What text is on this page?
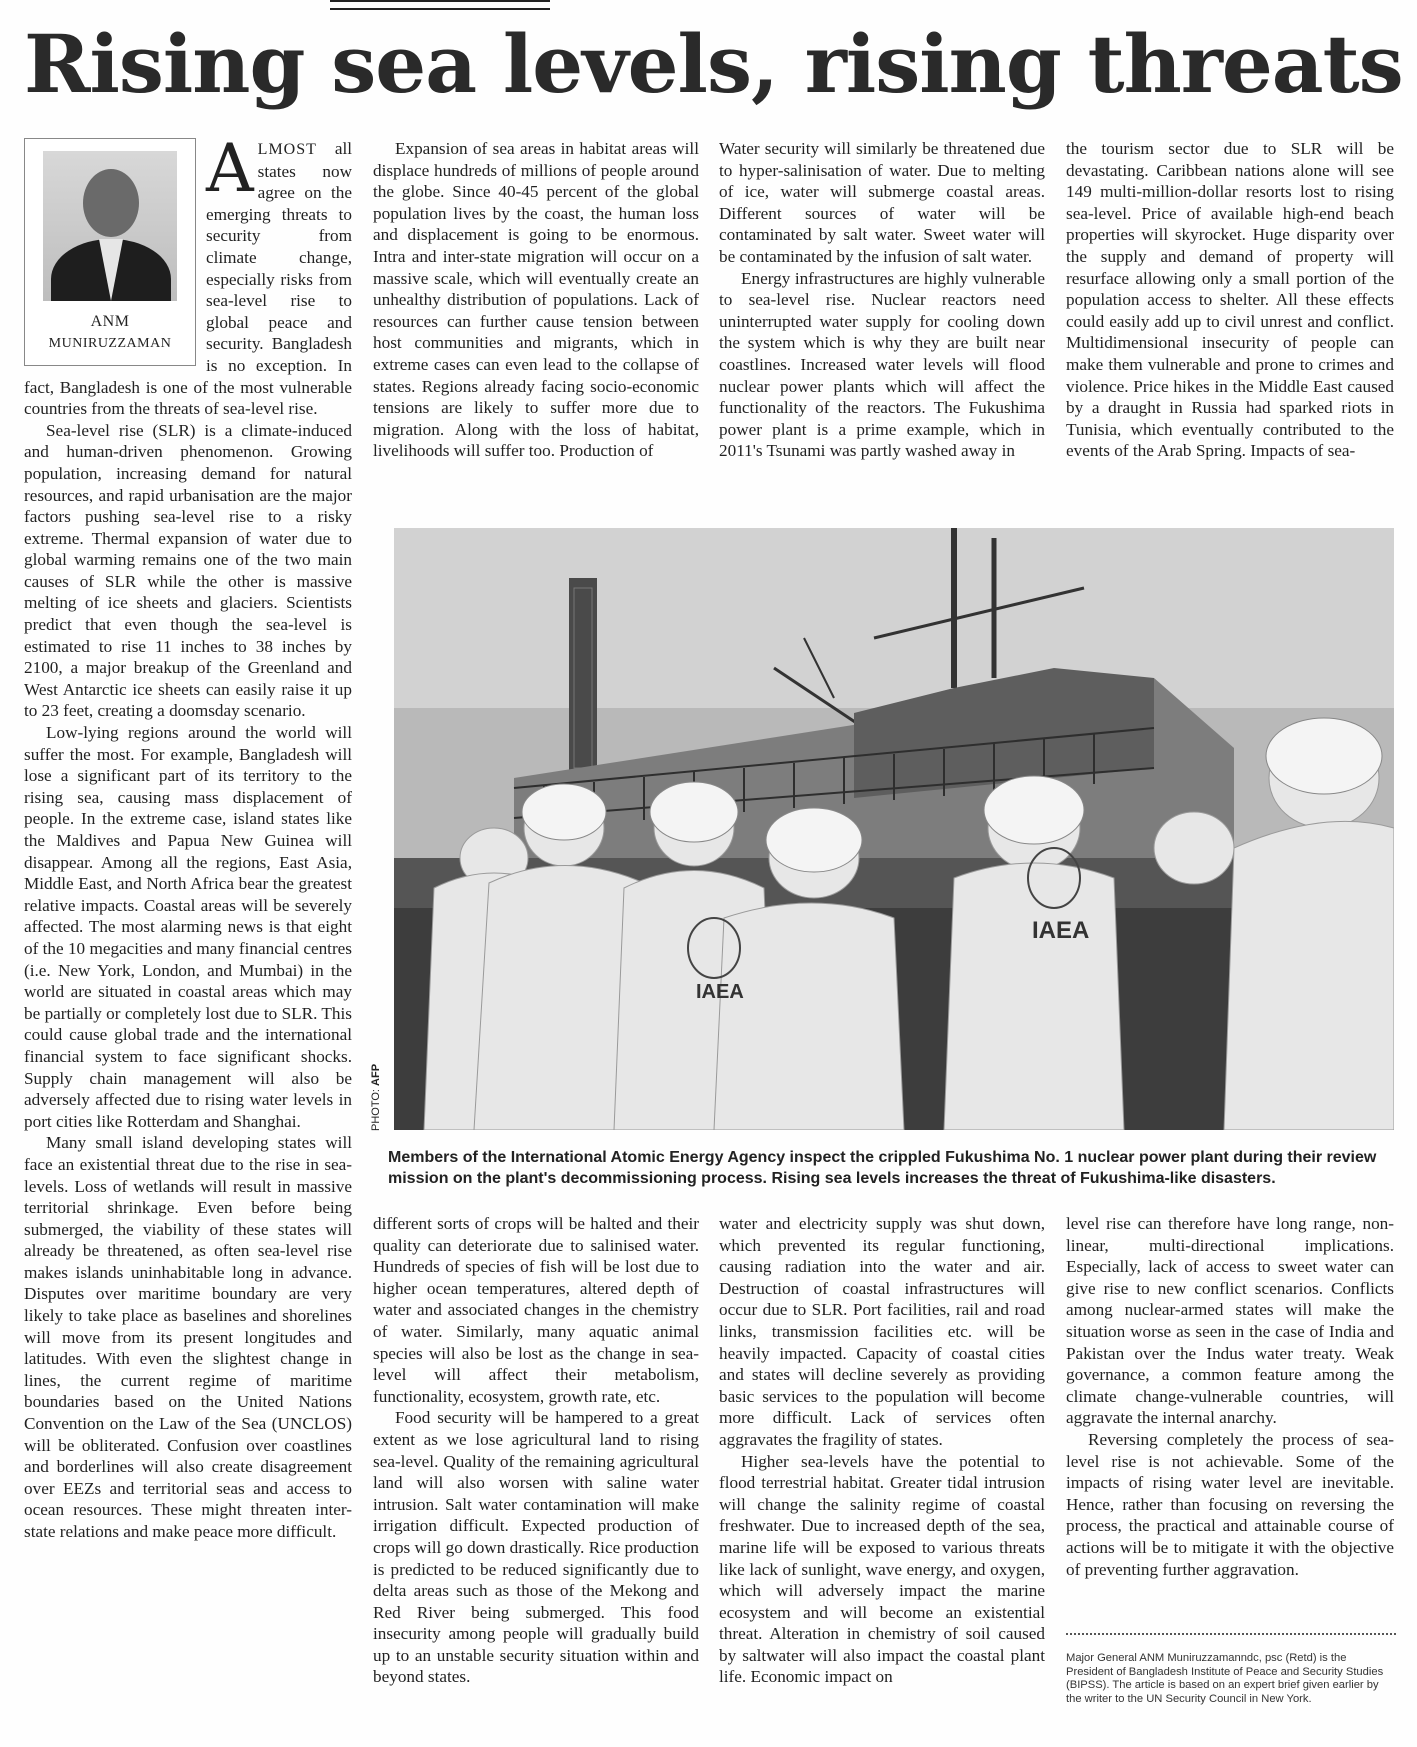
Rising sea levels, rising threats
ANM
MUNIRUZZAMAN

ALMOST all states now agree on the emerging threats to security from climate change, especially risks from sea-level rise to global peace and security. Bangladesh is no exception. In fact, Bangladesh is one of the most vulnerable countries from the threats of sea-level rise.

Sea-level rise (SLR) is a climate-induced and human-driven phenomenon. Growing population, increasing demand for natural resources, and rapid urbanisation are the major factors pushing sea-level rise to a risky extreme. Thermal expansion of water due to global warming remains one of the two main causes of SLR while the other is massive melting of ice sheets and glaciers. Scientists predict that even though the sea-level is estimated to rise 11 inches to 38 inches by 2100, a major breakup of the Greenland and West Antarctic ice sheets can easily raise it up to 23 feet, creating a doomsday scenario.

Low-lying regions around the world will suffer the most. For example, Bangladesh will lose a significant part of its territory to the rising sea, causing mass displacement of people. In the extreme case, island states like the Maldives and Papua New Guinea will disappear. Among all the regions, East Asia, Middle East, and North Africa bear the greatest relative impacts. Coastal areas will be severely affected. The most alarming news is that eight of the 10 megacities and many financial centres (i.e. New York, London, and Mumbai) in the world are situated in coastal areas which may be partially or completely lost due to SLR. This could cause global trade and the international financial system to face significant shocks. Supply chain management will also be adversely affected due to rising water levels in port cities like Rotterdam and Shanghai.

Many small island developing states will face an existential threat due to the rise in sea-levels. Loss of wetlands will result in massive territorial shrinkage. Even before being submerged, the viability of these states will already be threatened, as often sea-level rise makes islands uninhabitable long in advance. Disputes over maritime boundary are very likely to take place as baselines and shorelines will move from its present longitudes and latitudes. With even the slightest change in lines, the current regime of maritime boundaries based on the United Nations Convention on the Law of the Sea (UNCLOS) will be obliterated. Confusion over coastlines and borderlines will also create disagreement over EEZs and territorial seas and access to ocean resources. These might threaten inter-state relations and make peace more difficult.

Expansion of sea areas in habitat areas will displace hundreds of millions of people around the globe. Since 40-45 percent of the global population lives by the coast, the human loss and displacement is going to be enormous. Intra and inter-state migration will occur on a massive scale, which will eventually create an unhealthy distribution of populations. Lack of resources can further cause tension between host communities and migrants, which in extreme cases can even lead to the collapse of states. Regions already facing socio-economic tensions are likely to suffer more due to migration. Along with the loss of habitat, livelihoods will suffer too. Production of

Water security will similarly be threatened due to hyper-salinisation of water. Due to melting of ice, water will submerge coastal areas. Different sources of water will be contaminated by salt water. Sweet water will be contaminated by the infusion of salt water.

Energy infrastructures are highly vulnerable to sea-level rise. Nuclear reactors need uninterrupted water supply for cooling down the system which is why they are built near coastlines. Increased water levels will flood nuclear power plants which will affect the functionality of the reactors. The Fukushima power plant is a prime example, which in 2011's Tsunami was partly washed away in

the tourism sector due to SLR will be devastating. Caribbean nations alone will see 149 multi-million-dollar resorts lost to rising sea-level. Price of available high-end beach properties will skyrocket. Huge disparity over the supply and demand of property will resurface allowing only a small portion of the population access to shelter. All these effects could easily add up to civil unrest and conflict. Multidimensional insecurity of people can make them vulnerable and prone to crimes and violence. Price hikes in the Middle East caused by a draught in Russia had sparked riots in Tunisia, which eventually contributed to the events of the Arab Spring. Impacts of sea-

IAEA
IAEA
PHOTO: AFP
Members of the International Atomic Energy Agency inspect the crippled Fukushima No. 1 nuclear power plant during their review mission on the plant's decommissioning process. Rising sea levels increases the threat of Fukushima-like disasters.

different sorts of crops will be halted and their quality can deteriorate due to salinised water. Hundreds of species of fish will be lost due to higher ocean temperatures, altered depth of water and associated changes in the chemistry of water. Similarly, many aquatic animal species will also be lost as the change in sea-level will affect their metabolism, functionality, ecosystem, growth rate, etc.

Food security will be hampered to a great extent as we lose agricultural land to rising sea-level. Quality of the remaining agricultural land will also worsen with saline water intrusion. Salt water contamination will make irrigation difficult. Expected production of crops will go down drastically. Rice production is predicted to be reduced significantly due to delta areas such as those of the Mekong and Red River being submerged. This food insecurity among people will gradually build up to an unstable security situation within and beyond states.

water and electricity supply was shut down, which prevented its regular functioning, causing radiation into the water and air. Destruction of coastal infrastructures will occur due to SLR. Port facilities, rail and road links, transmission facilities etc. will be heavily impacted. Capacity of coastal cities and states will decline severely as providing basic services to the population will become more difficult. Lack of services often aggravates the fragility of states.

Higher sea-levels have the potential to flood terrestrial habitat. Greater tidal intrusion will change the salinity regime of coastal freshwater. Due to increased depth of the sea, marine life will be exposed to various threats like lack of sunlight, wave energy, and oxygen, which will adversely impact the marine ecosystem and will become an existential threat. Alteration in chemistry of soil caused by saltwater will also impact the coastal plant life. Economic impact on

level rise can therefore have long range, non-linear, multi-directional implications. Especially, lack of access to sweet water can give rise to new conflict scenarios. Conflicts among nuclear-armed states will make the situation worse as seen in the case of India and Pakistan over the Indus water treaty. Weak governance, a common feature among the climate change-vulnerable countries, will aggravate the internal anarchy.

Reversing completely the process of sea-level rise is not achievable. Some of the impacts of rising water level are inevitable. Hence, rather than focusing on reversing the process, the practical and attainable course of actions will be to mitigate it with the objective of preventing further aggravation.

Major General ANM Muniruzzamanndc, psc (Retd) is the President of Bangladesh Institute of Peace and Security Studies (BIPSS). The article is based on an expert brief given earlier by the writer to the UN Security Council in New York.
